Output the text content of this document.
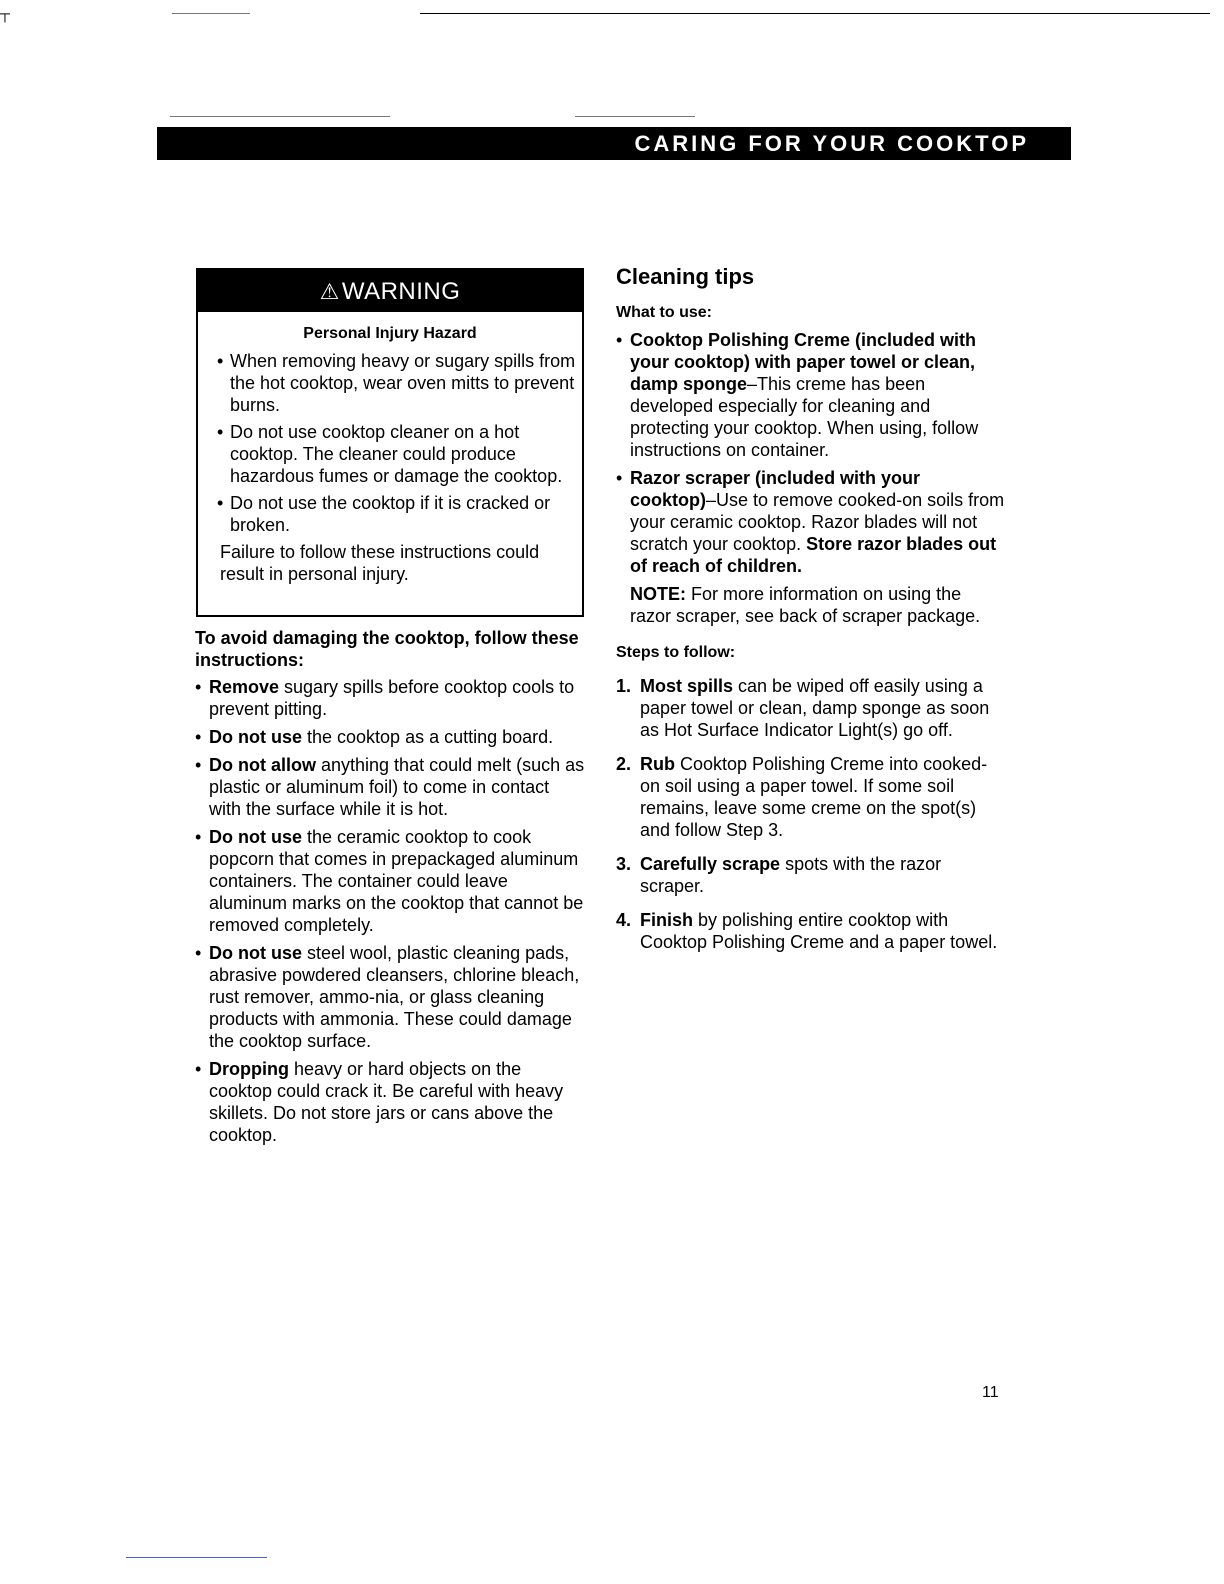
┬
CARING FOR YOUR COOKTOP
⚠WARNING
Personal Injury Hazard
• When removing heavy or sugary spills from the hot cooktop, wear oven mitts to prevent burns.
• Do not use cooktop cleaner on a hot cooktop. The cleaner could produce hazardous fumes or damage the cooktop.
• Do not use the cooktop if it is cracked or broken.
Failure to follow these instructions could result in personal injury.
To avoid damaging the cooktop, follow these instructions:
• Remove sugary spills before cooktop cools to prevent pitting.
• Do not use the cooktop as a cutting board.
• Do not allow anything that could melt (such as plastic or aluminum foil) to come in contact with the surface while it is hot.
• Do not use the ceramic cooktop to cook popcorn that comes in prepackaged aluminum containers. The container could leave aluminum marks on the cooktop that cannot be removed completely.
• Do not use steel wool, plastic cleaning pads, abrasive powdered cleansers, chlorine bleach, rust remover, ammo-nia, or glass cleaning products with ammonia. These could damage the cooktop surface.
• Dropping heavy or hard objects on the cooktop could crack it. Be careful with heavy skillets. Do not store jars or cans above the cooktop.
Cleaning tips
What to use:
• Cooktop Polishing Creme (included with your cooktop) with paper towel or clean, damp sponge–This creme has been developed especially for cleaning and protecting your cooktop. When using, follow instructions on container.
• Razor scraper (included with your cooktop)–Use to remove cooked-on soils from your ceramic cooktop. Razor blades will not scratch your cooktop. Store razor blades out of reach of children.
NOTE: For more information on using the razor scraper, see back of scraper package.
Steps to follow:
1. Most spills can be wiped off easily using a paper towel or clean, damp sponge as soon as Hot Surface Indicator Light(s) go off.
2. Rub Cooktop Polishing Creme into cooked-on soil using a paper towel. If some soil remains, leave some creme on the spot(s) and follow Step 3.
3. Carefully scrape spots with the razor scraper.
4. Finish by polishing entire cooktop with Cooktop Polishing Creme and a paper towel.
11
